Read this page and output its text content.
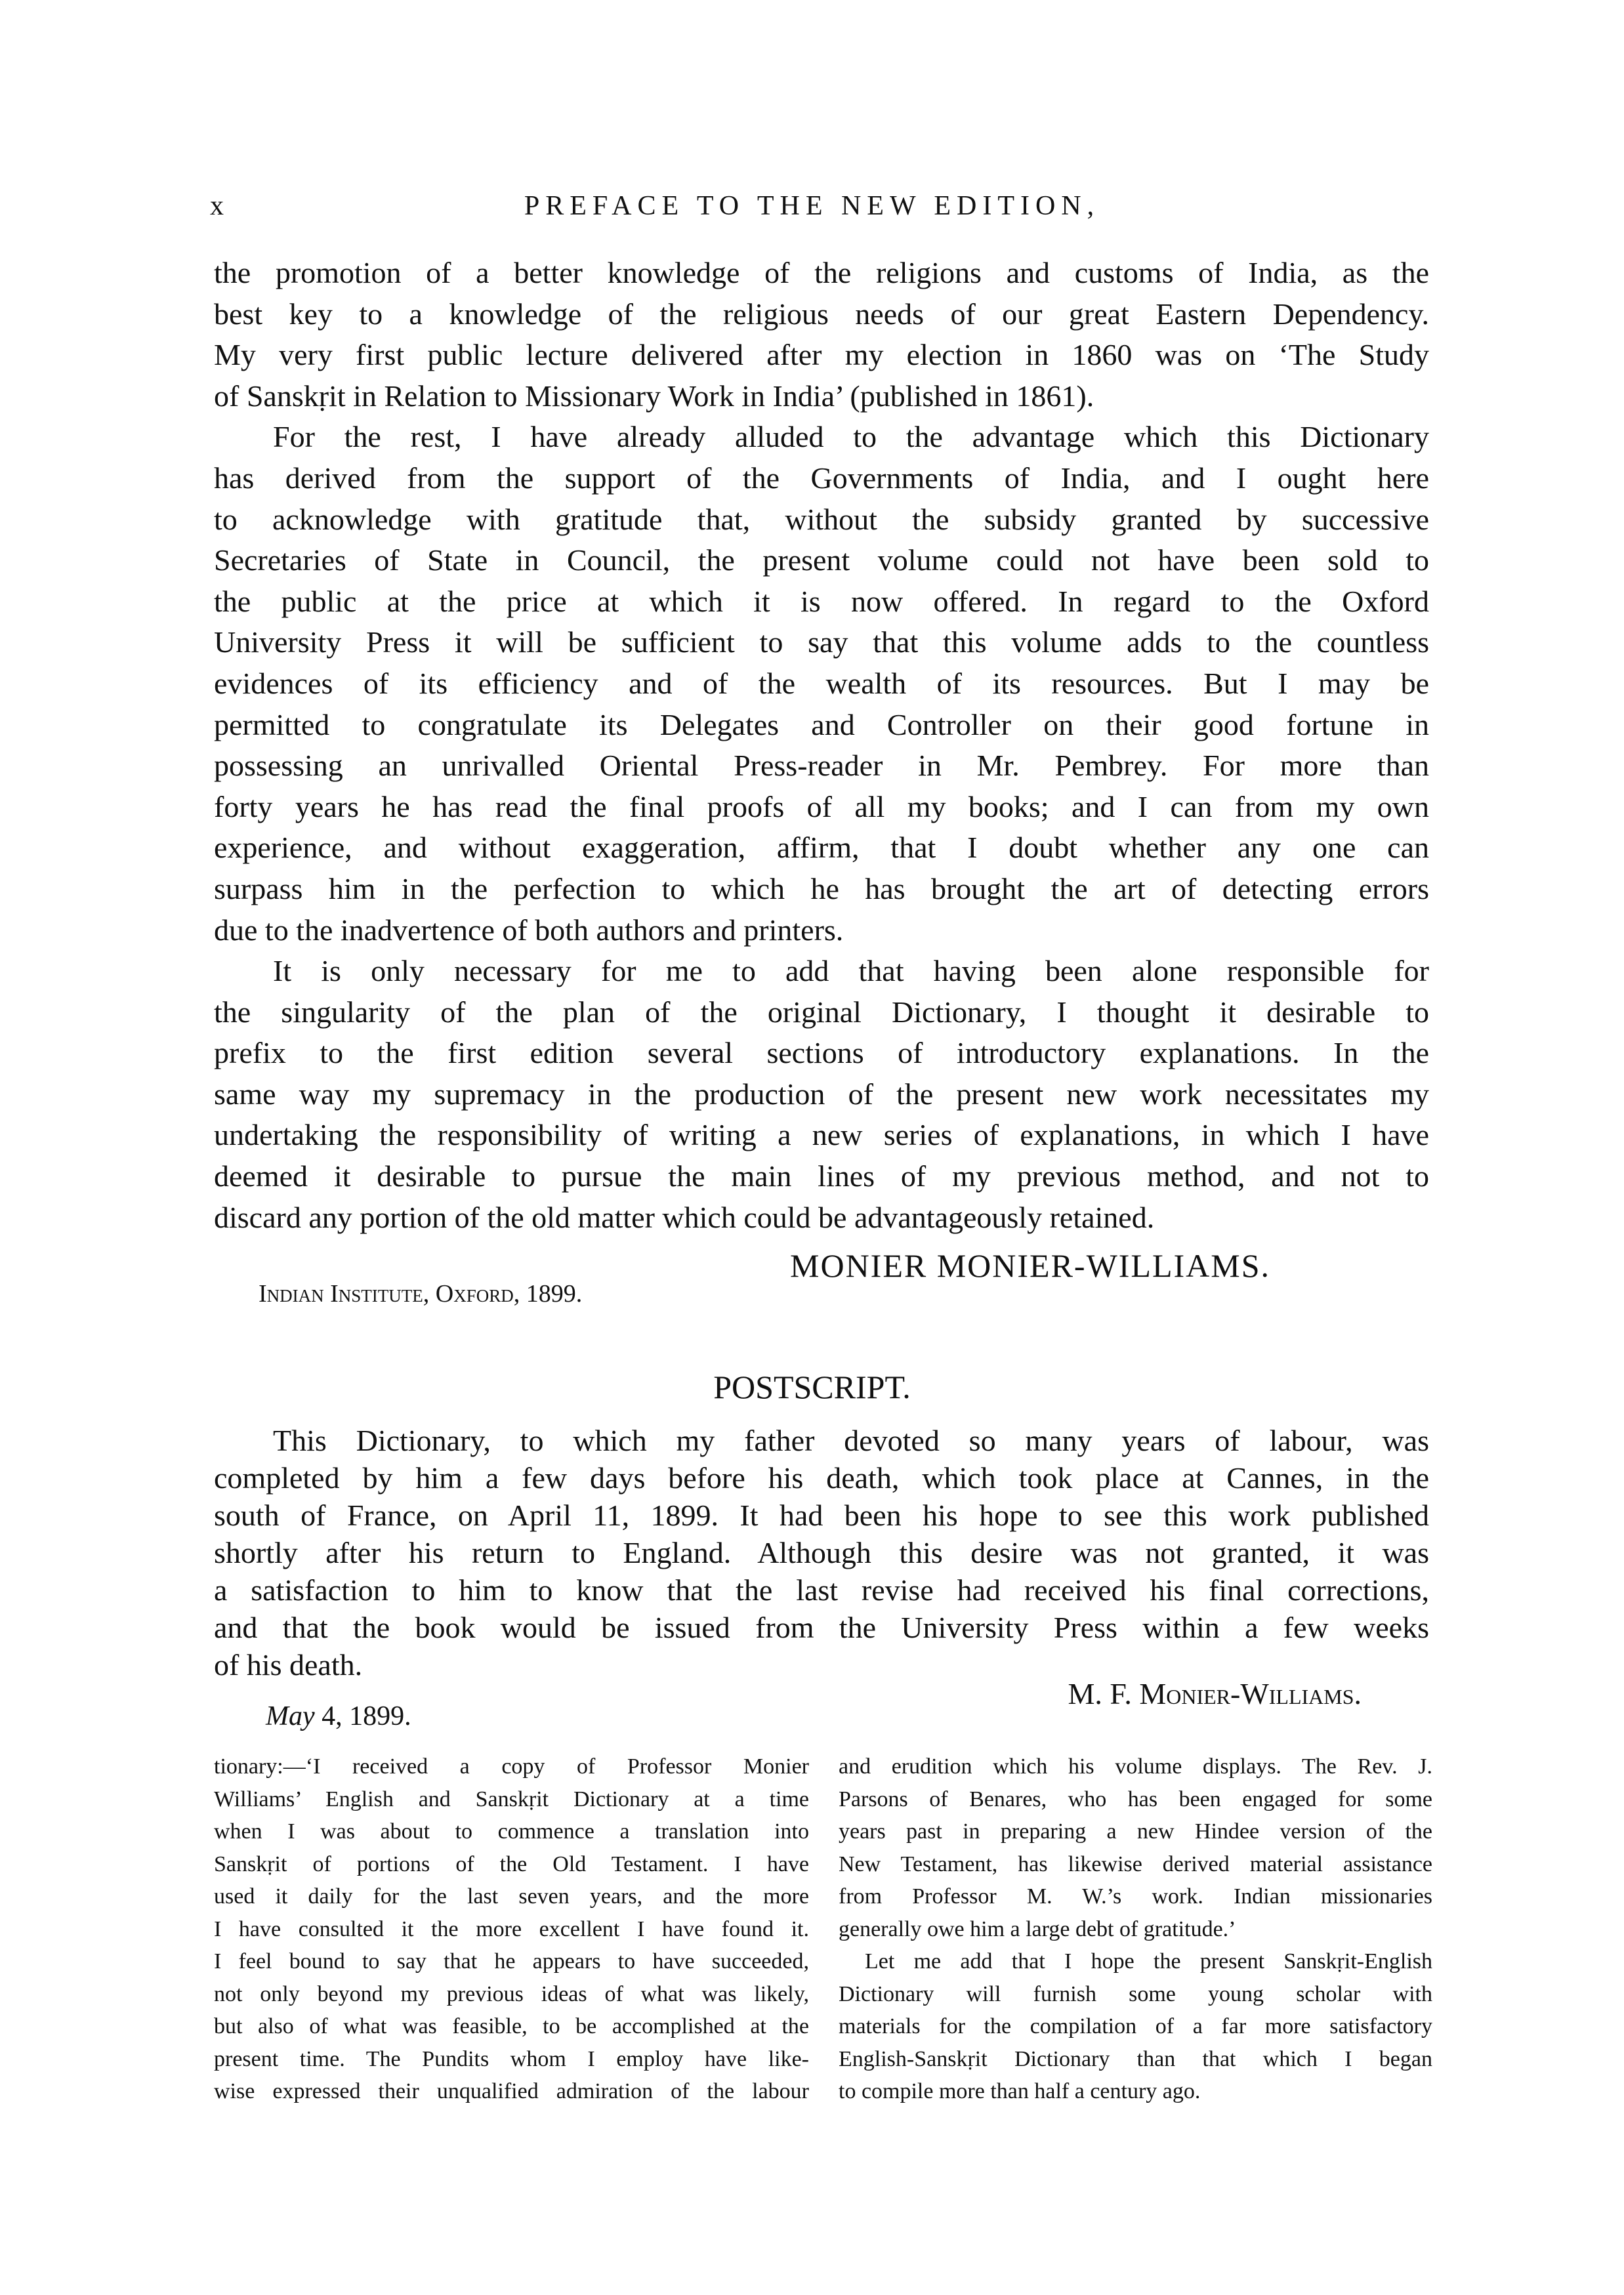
x	PREFACE TO THE NEW EDITION,
the promotion of a better knowledge of the religions and customs of India, as the
best key to a knowledge of the religious needs of our great Eastern Dependency.
My very first public lecture delivered after my election in 1860 was on ‘The Study
of Sanskṛit in Relation to Missionary Work in India’ (published in 1861).
For the rest, I have already alluded to the advantage which this Dictionary
has derived from the support of the Governments of India, and I ought here
to acknowledge with gratitude that, without the subsidy granted by successive
Secretaries of State in Council, the present volume could not have been sold to
the public at the price at which it is now offered. In regard to the Oxford
University Press it will be sufficient to say that this volume adds to the countless
evidences of its efficiency and of the wealth of its resources. But I may be
permitted to congratulate its Delegates and Controller on their good fortune in
possessing an unrivalled Oriental Press-reader in Mr. Pembrey. For more than
forty years he has read the final proofs of all my books; and I can from my own
experience, and without exaggeration, affirm, that I doubt whether any one can
surpass him in the perfection to which he has brought the art of detecting errors
due to the inadvertence of both authors and printers.
It is only necessary for me to add that having been alone responsible for
the singularity of the plan of the original Dictionary, I thought it desirable to
prefix to the first edition several sections of introductory explanations. In the
same way my supremacy in the production of the present new work necessitates my
undertaking the responsibility of writing a new series of explanations, in which I have
deemed it desirable to pursue the main lines of my previous method, and not to
discard any portion of the old matter which could be advantageously retained.
Indian Institute, Oxford, 1899.
MONIER MONIER-WILLIAMS.
POSTSCRIPT.
This Dictionary, to which my father devoted so many years of labour, was
completed by him a few days before his death, which took place at Cannes, in the
south of France, on April 11, 1899. It had been his hope to see this work published
shortly after his return to England. Although this desire was not granted, it was
a satisfaction to him to know that the last revise had received his final corrections,
and that the book would be issued from the University Press within a few weeks
of his death.
M. F. Monier-Williams.
May 4, 1899.
tionary:—‘I received a copy of Professor Monier
Williams’ English and Sanskṛit Dictionary at a time
when I was about to commence a translation into
Sanskṛit of portions of the Old Testament. I have
used it daily for the last seven years, and the more
I have consulted it the more excellent I have found it.
I feel bound to say that he appears to have succeeded,
not only beyond my previous ideas of what was likely,
but also of what was feasible, to be accomplished at the
present time. The Pundits whom I employ have like-
wise expressed their unqualified admiration of the labour
and erudition which his volume displays. The Rev. J.
Parsons of Benares, who has been engaged for some
years past in preparing a new Hindee version of the
New Testament, has likewise derived material assistance
from Professor M. W.’s work. Indian missionaries
generally owe him a large debt of gratitude.’
Let me add that I hope the present Sanskṛit-English
Dictionary will furnish some young scholar with
materials for the compilation of a far more satisfactory
English-Sanskṛit Dictionary than that which I began
to compile more than half a century ago.
